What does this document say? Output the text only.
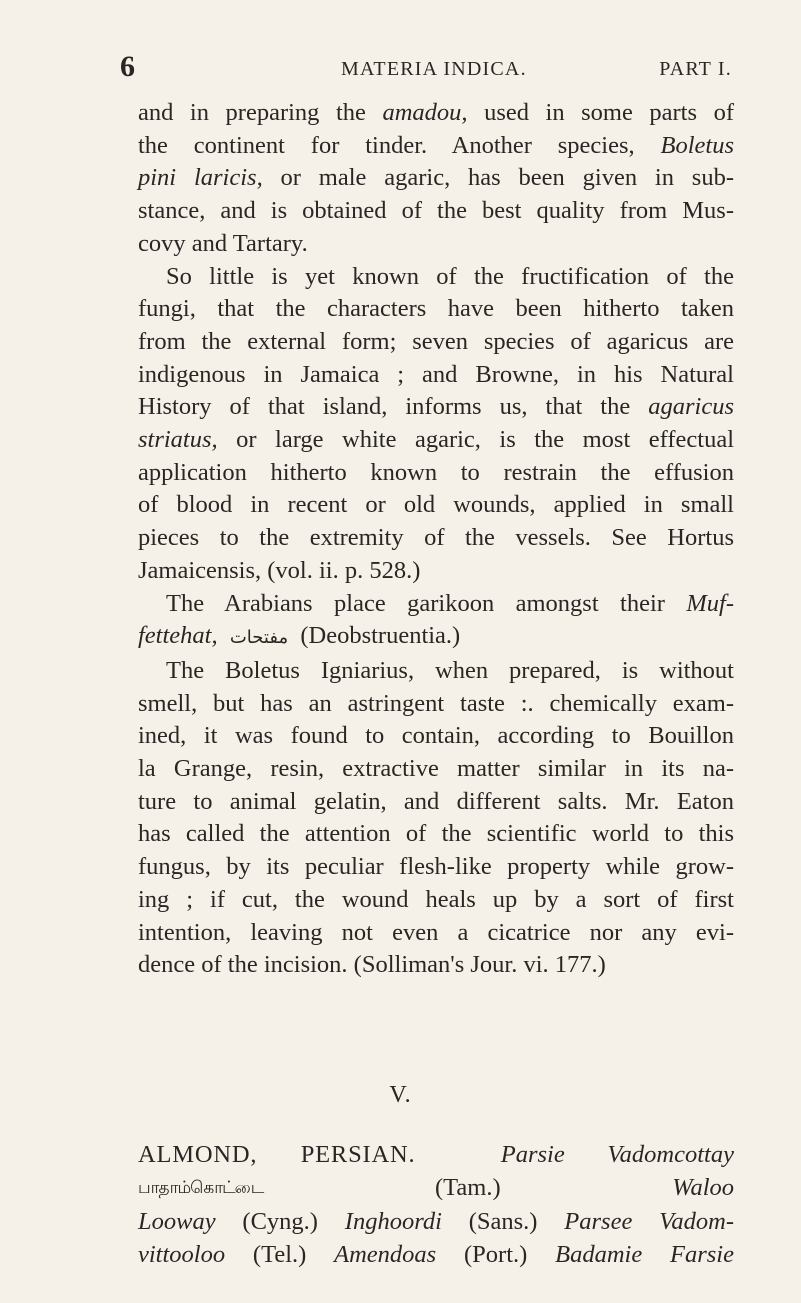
6	MATERIA INDICA.	PART I.
and in preparing the amadou, used in some parts of
the continent for tinder. Another species, Boletus
pini laricis, or male agaric, has been given in sub-
stance, and is obtained of the best quality from Mus-
covy and Tartary.
So little is yet known of the fructification of the
fungi, that the characters have been hitherto taken
from the external form; seven species of agaricus are
indigenous in Jamaica ; and Browne, in his Natural
History of that island, informs us, that the agaricus
striatus, or large white agaric, is the most effectual
application hitherto known to restrain the effusion
of blood in recent or old wounds, applied in small
pieces to the extremity of the vessels. See Hortus
Jamaicensis, (vol. ii. p. 528.)
The Arabians place garikoon amongst their Muf-
fettehat, مفتحات (Deobstruentia.)
The Boletus Igniarius, when prepared, is without
smell, but has an astringent taste :. chemically exam-
ined, it was found to contain, according to Bouillon
la Grange, resin, extractive matter similar in its na-
ture to animal gelatin, and different salts. Mr. Eaton
has called the attention of the scientific world to this
fungus, by its peculiar flesh-like property while grow-
ing ; if cut, the wound heals up by a sort of first
intention, leaving not even a cicatrice nor any evi-
dence of the incision. (Solliman's Jour. vi. 177.)
V.
ALMOND, PERSIAN.	Parsie Vadomcottay
பாதாம்கொட்டை	(Tam.)	Waloo
Looway (Cyng.) Inghoordi (Sans.) Parsee Vadom-
vittooloo (Tel.) Amendoas (Port.) Badamie Farsie
